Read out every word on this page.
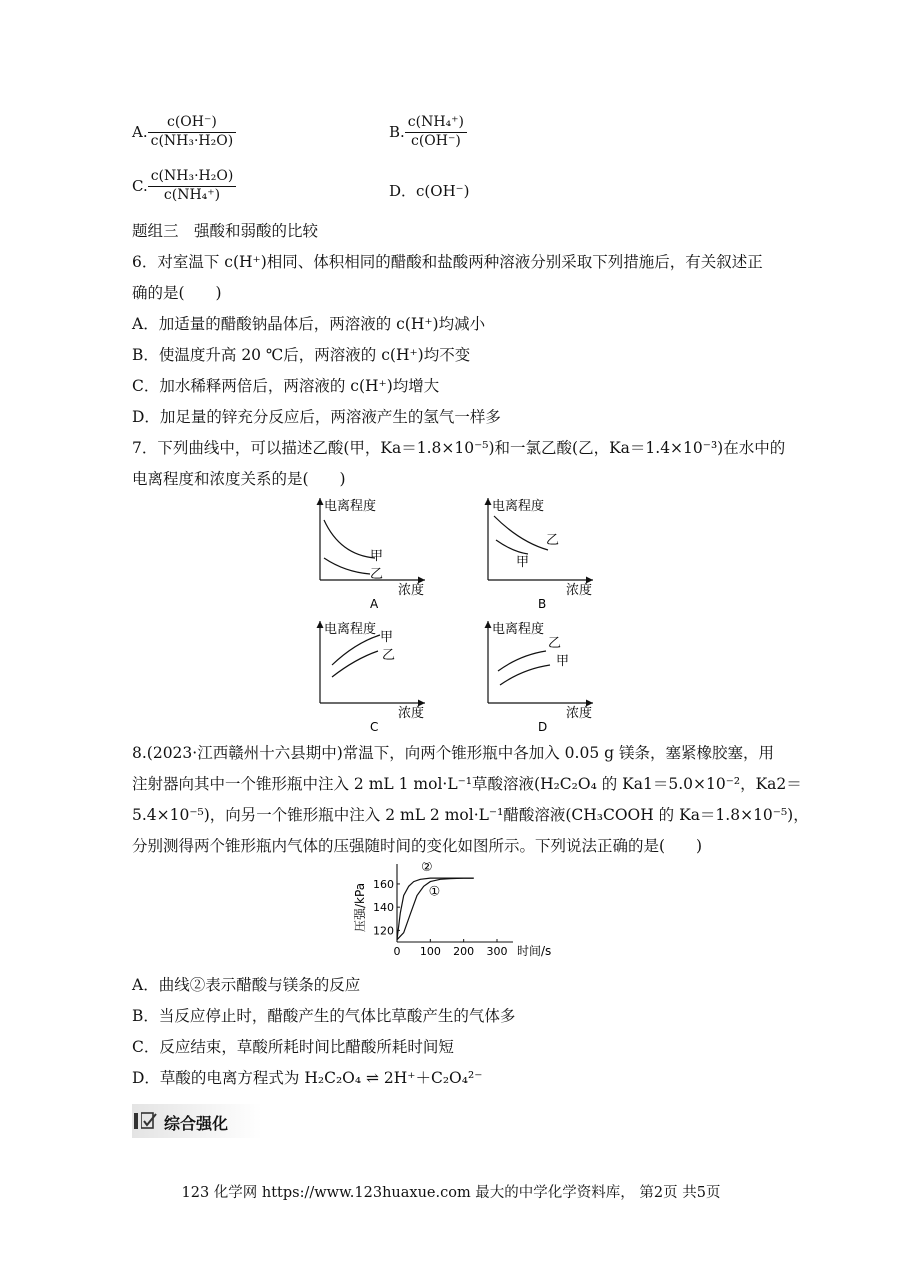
A. $\frac{c(OH^-)}{\text{c(NH₃·H₂O)}}$	B. $\frac{\text{c(NH₄⁺)}}{c(OH^-)}$
C. $\frac{\text{c(NH₃·H₂O)}}{\text{c(NH₄⁺)}}$	D．c(OH⁻)
题组三　强酸和弱酸的比较
6．对室温下 c(H⁺)相同、体积相同的醋酸和盐酸两种溶液分别采取下列措施后，有关叙述正
确的是(　　)
A．加适量的醋酸钠晶体后，两溶液的 c(H⁺)均减小
B．使温度升高 20 ℃后，两溶液的 c(H⁺)均不变
C．加水稀释两倍后，两溶液的 c(H⁺)均增大
D．加足量的锌充分反应后，两溶液产生的氢气一样多
7．下列曲线中，可以描述乙酸(甲，Ka＝1.8×10⁻⁵)和一氯乙酸(乙，Ka＝1.4×10⁻³)在水中的
电离程度和浓度关系的是(　　)
电离程度
浓度
甲
乙
A
电离程度
浓度
乙
甲
B
电离程度
浓度
甲
乙
C
电离程度
浓度
乙
甲
D
8.(2023·江西赣州十六县期中)常温下，向两个锥形瓶中各加入 0.05 g 镁条，塞紧橡胶塞，用
注射器向其中一个锥形瓶中注入 2 mL 1 mol·L⁻¹草酸溶液(H₂C₂O₄ 的 Ka1＝5.0×10⁻²，Ka2＝
5.4×10⁻⁵)，向另一个锥形瓶中注入 2 mL 2 mol·L⁻¹醋酸溶液(CH₃COOH 的 Ka＝1.8×10⁻⁵)，
分别测得两个锥形瓶内气体的压强随时间的变化如图所示。下列说法正确的是(　　)
0 100 200 300
120
140
160
①
②
时间/s
压强/kPa
A．曲线②表示醋酸与镁条的反应
B．当反应停止时，醋酸产生的气体比草酸产生的气体多
C．反应结束，草酸所耗时间比醋酸所耗时间短
D．草酸的电离方程式为 H₂C₂O₄ ⇌ 2H⁺＋C₂O₄²⁻
综合强化
123 化学网 https://www.123huaxue.com 最大的中学化学资料库， 第2页 共5页
